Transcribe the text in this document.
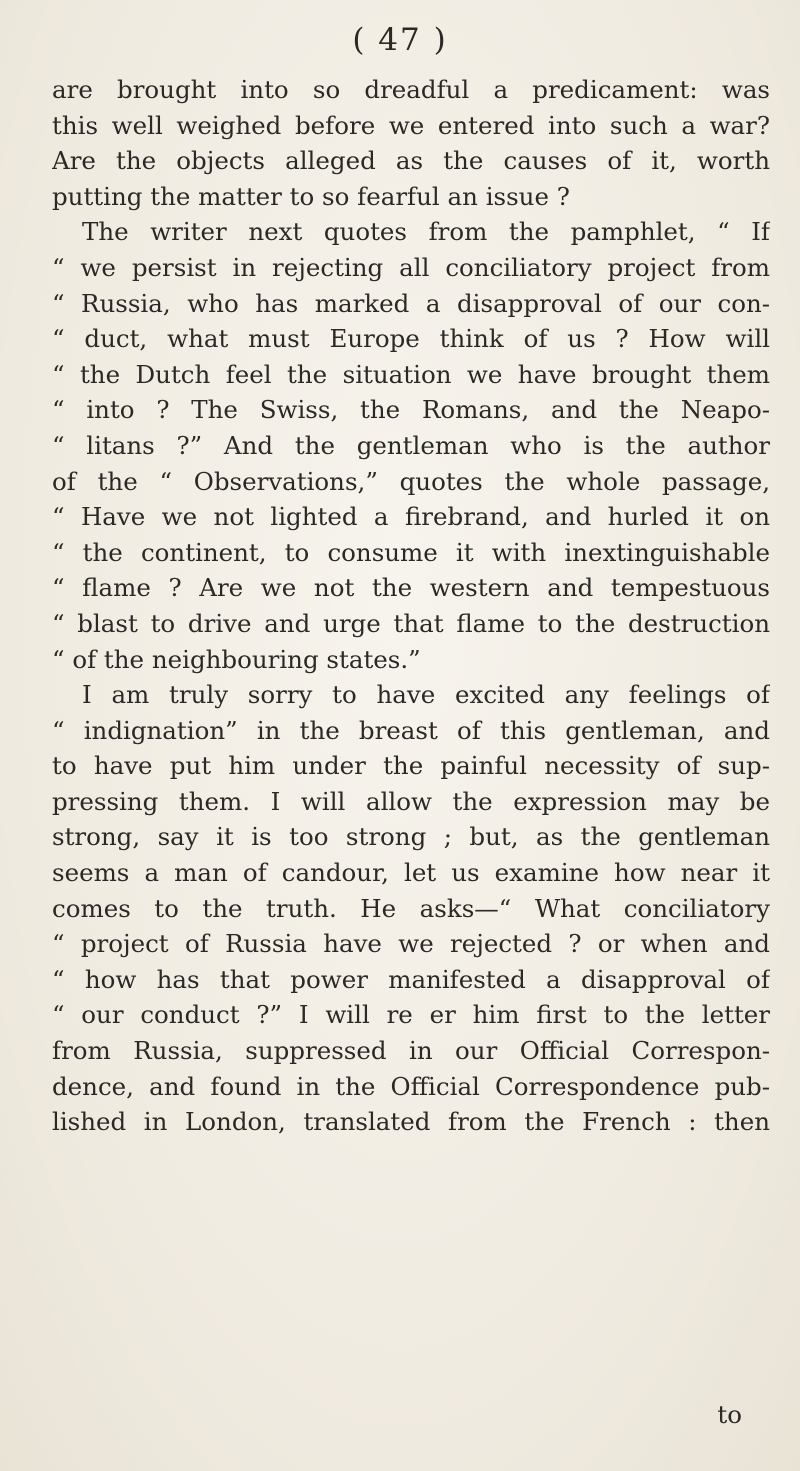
( 47 )
are brought into so dreadful a predicament: was
this well weighed before we entered into such a war?
Are the objects alleged as the causes of it, worth
putting the matter to so fearful an issue ?
The writer next quotes from the pamphlet, “ If
“ we persist in rejecting all conciliatory project from
“ Russia, who has marked a disapproval of our con-
“ duct, what must Europe think of us ? How will
“ the Dutch feel the situation we have brought them
“ into ? The Swiss, the Romans, and the Neapo-
“ litans ?” And the gentleman who is the author
of the “ Observations,” quotes the whole passage,
“ Have we not lighted a firebrand, and hurled it on
“ the continent, to consume it with inextinguishable
“ flame ? Are we not the western and tempestuous
“ blast to drive and urge that flame to the destruction
“ of the neighbouring states.”
I am truly sorry to have excited any feelings of
“ indignation” in the breast of this gentleman, and
to have put him under the painful necessity of sup-
pressing them. I will allow the expression may be
strong, say it is too strong ; but, as the gentleman
seems a man of candour, let us examine how near it
comes to the truth. He asks—“ What conciliatory
“ project of Russia have we rejected ? or when and
“ how has that power manifested a disapproval of
“ our conduct ?” I will re er him first to the letter
from Russia, suppressed in our Official Correspon-
dence, and found in the Official Correspondence pub-
lished in London, translated from the French : then
to
